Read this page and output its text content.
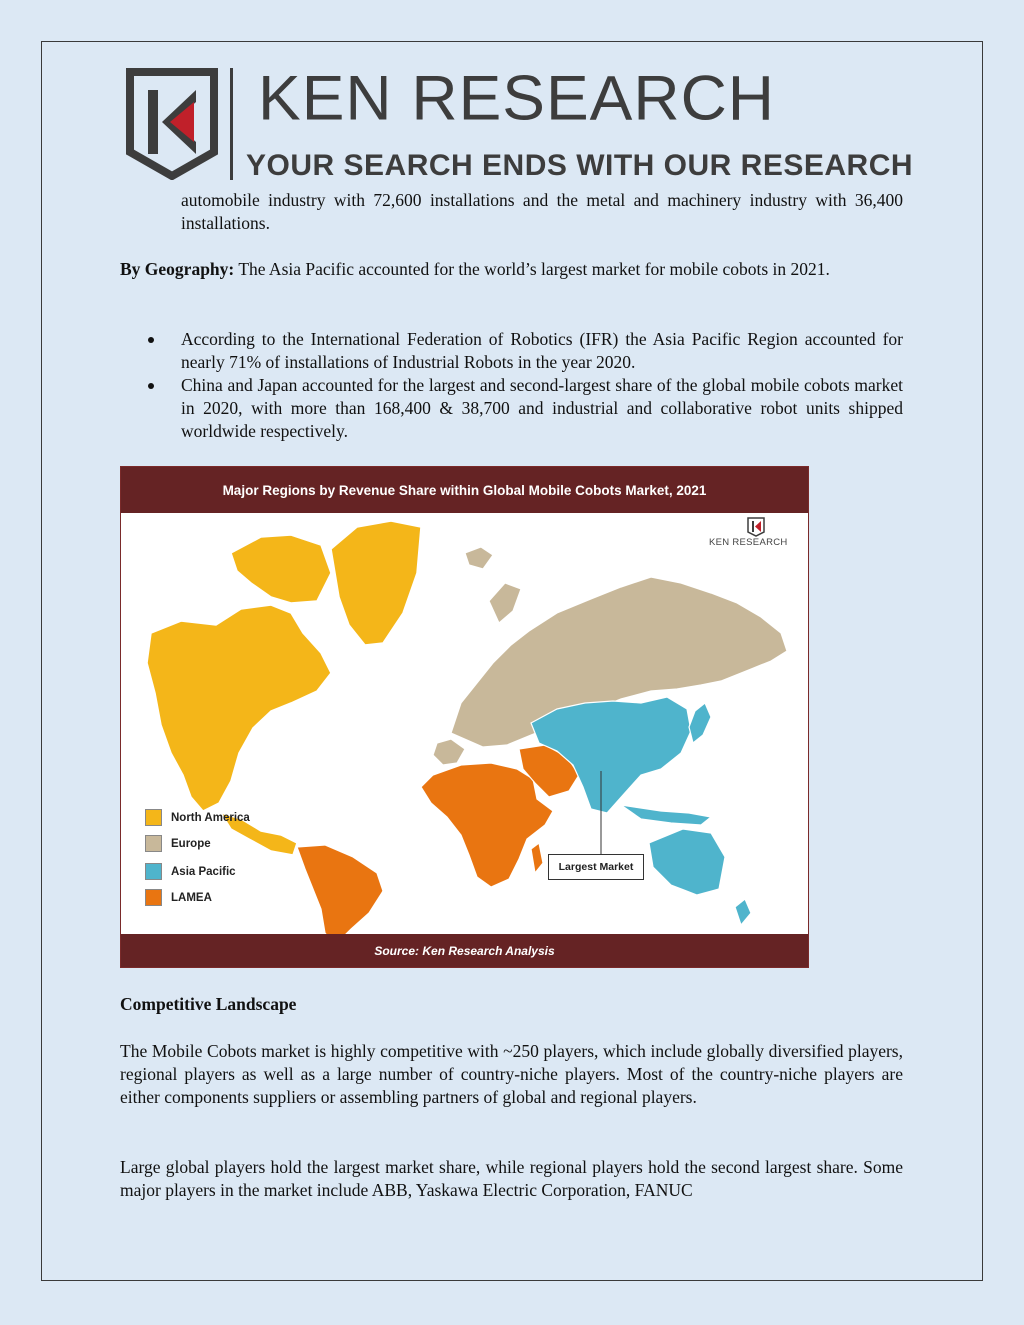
KEN RESEARCH
YOUR SEARCH ENDS WITH OUR RESEARCH
automobile industry with 72,600 installations and the metal and machinery industry with 36,400 installations.
By Geography: The Asia Pacific accounted for the world’s largest market for mobile cobots in 2021.
According to the International Federation of Robotics (IFR) the Asia Pacific Region accounted for nearly 71% of installations of Industrial Robots in the year 2020.
China and Japan accounted for the largest and second-largest share of the global mobile cobots market in 2020, with more than 168,400 & 38,700 and industrial and collaborative robot units shipped worldwide respectively.
Major Regions by Revenue Share within Global Mobile Cobots Market, 2021
KEN RESEARCH
North America
Europe
Asia Pacific
LAMEA
Largest Market
Source: Ken Research Analysis
Competitive Landscape
The Mobile Cobots market is highly competitive with ~250 players, which include globally diversified players, regional players as well as a large number of country-niche players. Most of the country-niche players are either components suppliers or assembling partners of global and regional players.
Large global players hold the largest market share, while regional players hold the second largest share. Some major players in the market include ABB, Yaskawa Electric Corporation, FANUC
